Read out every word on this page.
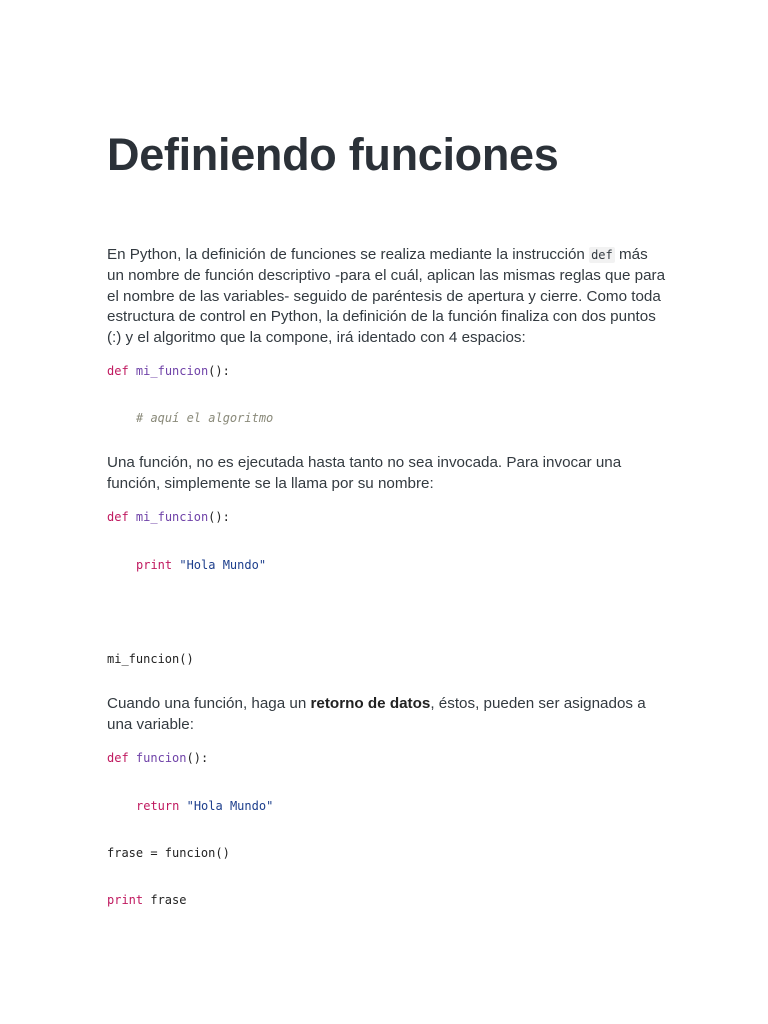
Definiendo funciones

En Python, la definición de funciones se realiza mediante la instrucción def más un nombre de función descriptivo -para el cuál, aplican las mismas reglas que para el nombre de las variables- seguido de paréntesis de apertura y cierre. Como toda estructura de control en Python, la definición de la función finaliza con dos puntos (:) y el algoritmo que la compone, irá identado con 4 espacios:

def mi_funcion():
# aquí el algoritmo

Una función, no es ejecutada hasta tanto no sea invocada. Para invocar una función, simplemente se la llama por su nombre:

def mi_funcion():
print "Hola Mundo"
mi_funcion()

Cuando una función, haga un retorno de datos, éstos, pueden ser asignados a una variable:

def funcion():
return "Hola Mundo"
frase = funcion()
print frase
